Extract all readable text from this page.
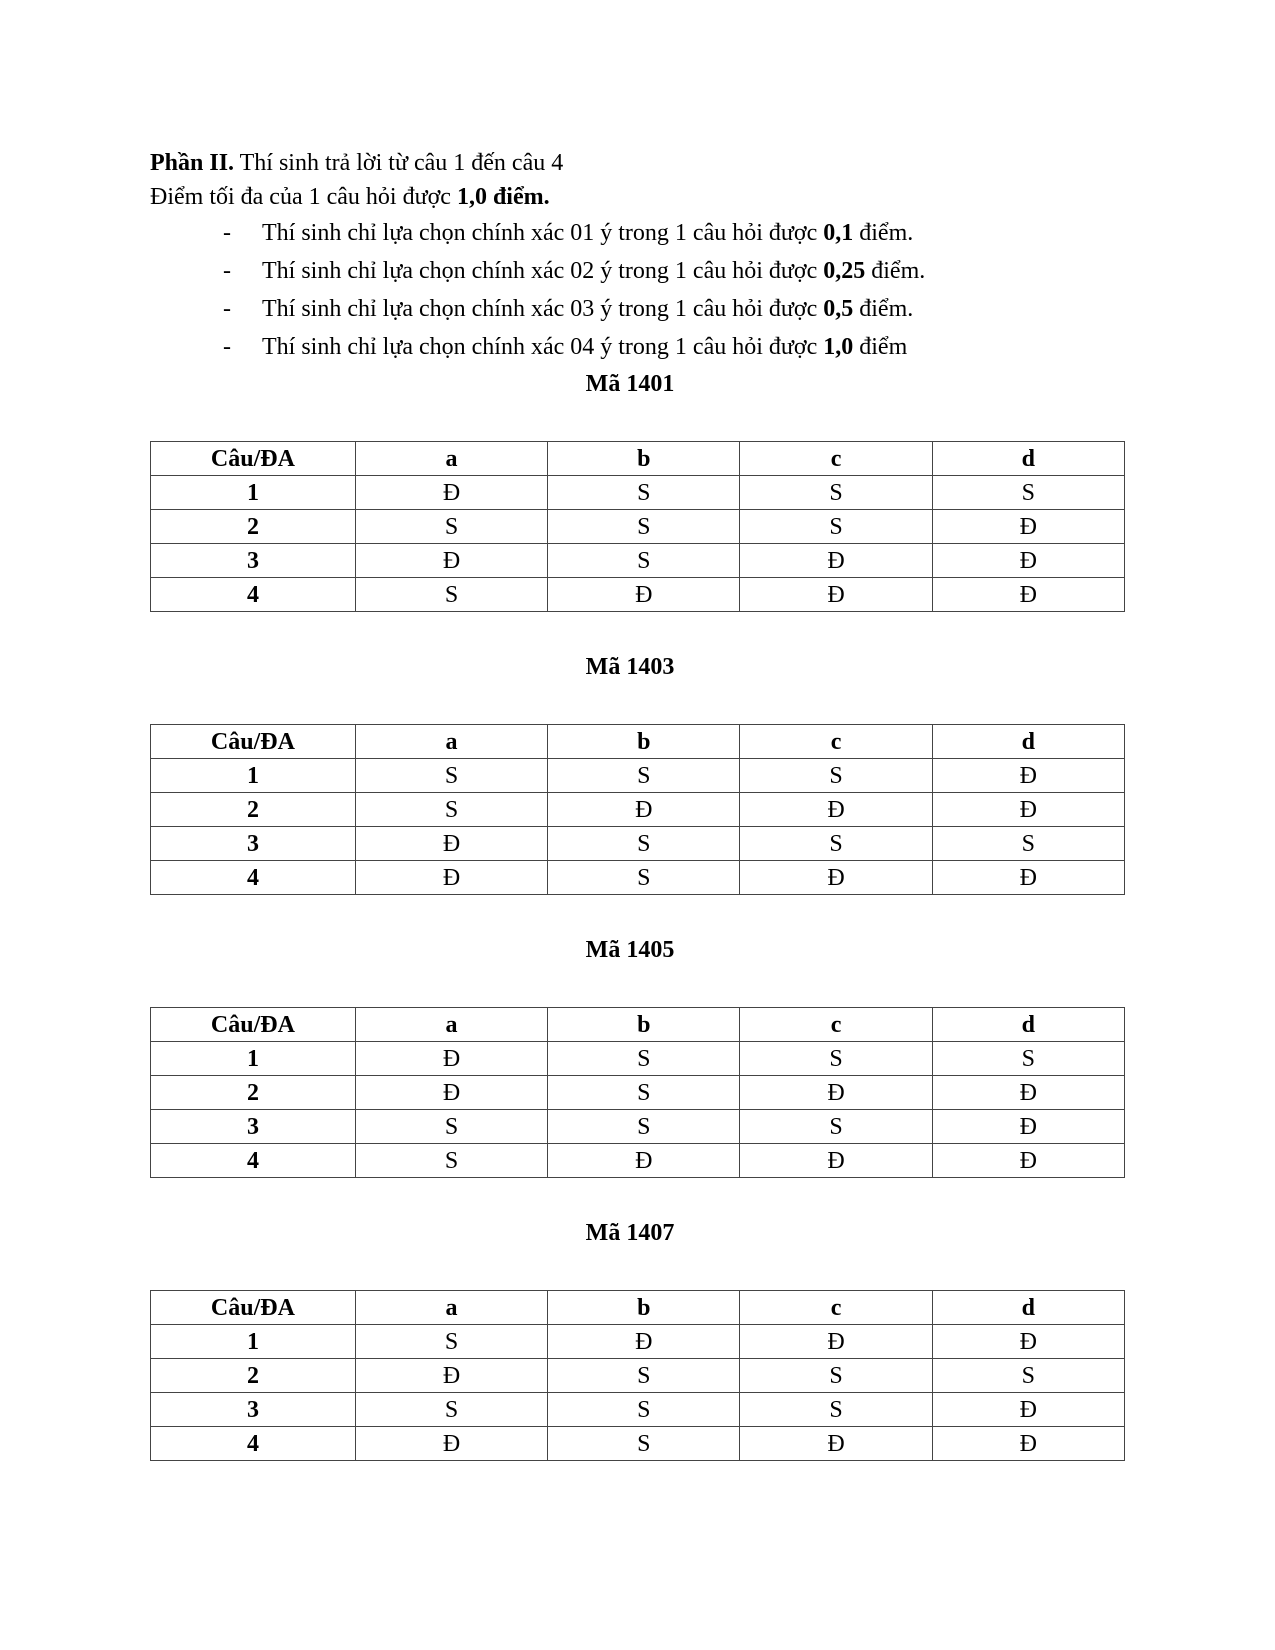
Phần II. Thí sinh trả lời từ câu 1 đến câu 4
Điểm tối đa của 1 câu hỏi được 1,0 điểm.
- Thí sinh chỉ lựa chọn chính xác 01 ý trong 1 câu hỏi được 0,1 điểm.
- Thí sinh chỉ lựa chọn chính xác 02 ý trong 1 câu hỏi được 0,25 điểm.
- Thí sinh chỉ lựa chọn chính xác 03 ý trong 1 câu hỏi được 0,5 điểm.
- Thí sinh chỉ lựa chọn chính xác 04 ý trong 1 câu hỏi được 1,0 điểm
Mã 1401
Câu/ĐA	a	b	c	d
1	Đ	S	S	S
2	S	S	S	Đ
3	Đ	S	Đ	Đ
4	S	Đ	Đ	Đ
Mã 1403
Câu/ĐA	a	b	c	d
1	S	S	S	Đ
2	S	Đ	Đ	Đ
3	Đ	S	S	S
4	Đ	S	Đ	Đ
Mã 1405
Câu/ĐA	a	b	c	d
1	Đ	S	S	S
2	Đ	S	Đ	Đ
3	S	S	S	Đ
4	S	Đ	Đ	Đ
Mã 1407
Câu/ĐA	a	b	c	d
1	S	Đ	Đ	Đ
2	Đ	S	S	S
3	S	S	S	Đ
4	Đ	S	Đ	Đ
